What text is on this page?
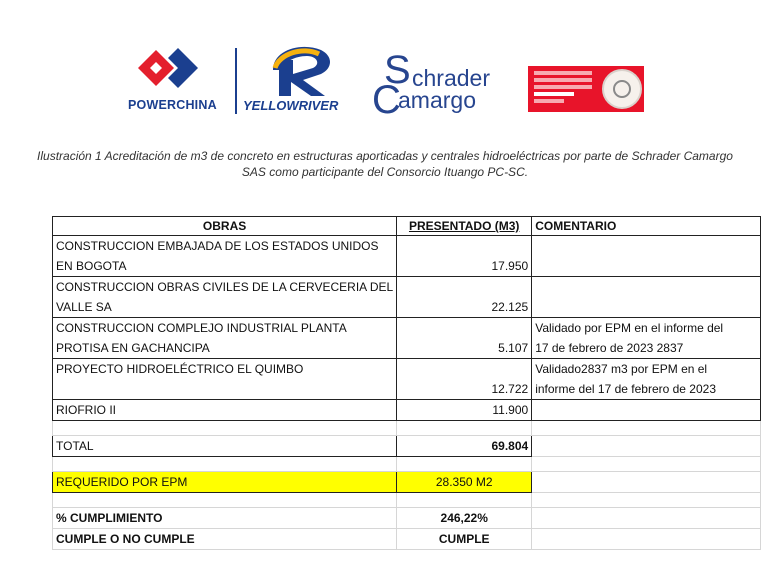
POWERCHINA YELLOWRIVER
S chrader
C
amargo
Ilustración 1 Acreditación de m3 de concreto en estructuras aporticadas y centrales hidroeléctricas por parte de Schrader Camargo SAS como participante del Consorcio Ituango PC-SC.
OBRAS	PRESENTADO (M3)	COMENTARIO
CONSTRUCCION EMBAJADA DE LOS ESTADOS UNIDOS		
EN BOGOTA	17.950	
CONSTRUCCION OBRAS CIVILES DE LA CERVECERIA DEL		
VALLE SA	22.125	
CONSTRUCCION COMPLEJO INDUSTRIAL PLANTA		Validado por EPM en el informe del
PROTISA EN GACHANCIPA	5.107	17 de febrero de 2023 2837
PROYECTO HIDROELÉCTRICO EL QUIMBO		Validado2837 m3 por EPM en el
	12.722	informe del 17 de febrero de 2023
RIOFRIO II	11.900	

TOTAL	69.804	

REQUERIDO POR EPM	28.350 M2	

% CUMPLIMIENTO	246,22%	
CUMPLE O NO CUMPLE	CUMPLE	
